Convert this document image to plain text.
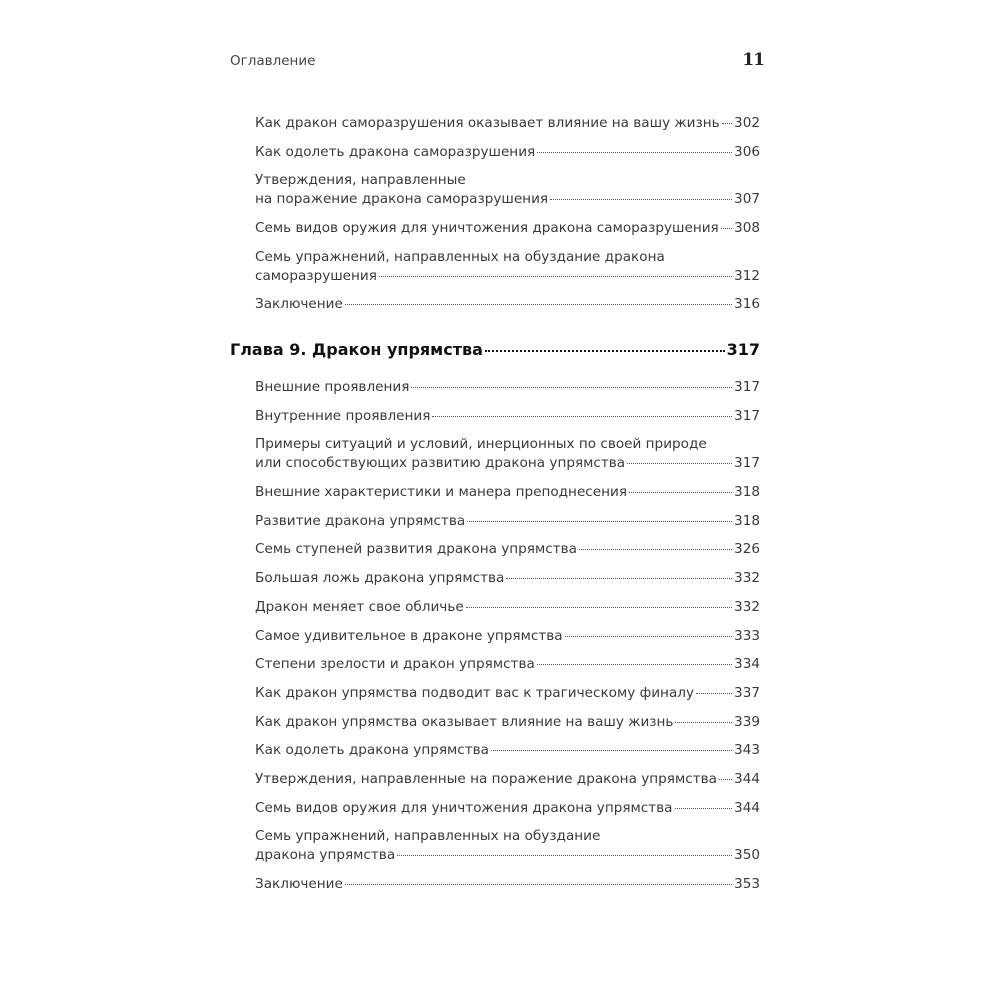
Оглавление	11
Как дракон саморазрушения оказывает влияние на вашу жизнь 302
Как одолеть дракона саморазрушения	306
Утверждения, направленные
на поражение дракона саморазрушения	307
Семь видов оружия для уничтожения дракона саморазрушения 308
Семь упражнений, направленных на обуздание дракона
саморазрушения	312
Заключение	316
Глава 9. Дракон упрямства	317
Внешние проявления	317
Внутренние проявления	317
Примеры ситуаций и условий, инерционных по своей природе
или способствующих развитию дракона упрямства	317
Внешние характеристики и манера преподнесения	318
Развитие дракона упрямства	318
Семь ступеней развития дракона упрямства	326
Большая ложь дракона упрямства	332
Дракон меняет свое обличье	332
Самое удивительное в драконе упрямства	333
Степени зрелости и дракон упрямства	334
Как дракон упрямства подводит вас к трагическому финалу	337
Как дракон упрямства оказывает влияние на вашу жизнь	339
Как одолеть дракона упрямства	343
Утверждения, направленные на поражение дракона упрямства 344
Семь видов оружия для уничтожения дракона упрямства	344
Семь упражнений, направленных на обуздание
дракона упрямства	350
Заключение	353
